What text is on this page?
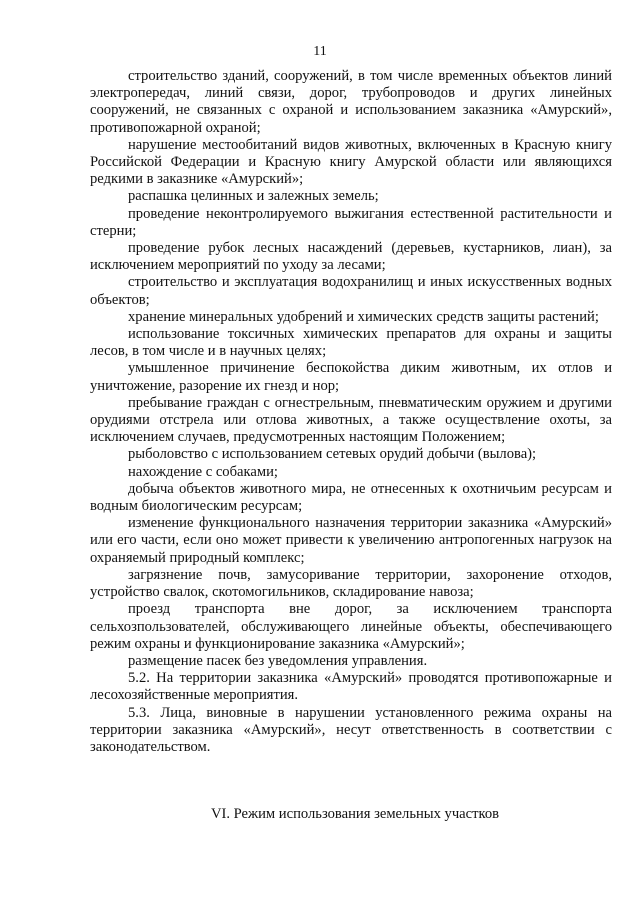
11

строительство зданий, сооружений, в том числе временных объектов линий электропередач, линий связи, дорог, трубопроводов и других линейных сооружений, не связанных с охраной и использованием заказника «Амурский», противопожарной охраной;

нарушение местообитаний видов животных, включенных в Красную книгу Российской Федерации и Красную книгу Амурской области или являющихся редкими в заказнике «Амурский»;

распашка целинных и залежных земель;

проведение неконтролируемого выжигания естественной растительности и стерни;

проведение рубок лесных насаждений (деревьев, кустарников, лиан), за исключением мероприятий по уходу за лесами;

строительство и эксплуатация водохранилищ и иных искусственных водных объектов;

хранение минеральных удобрений и химических средств защиты растений;

использование токсичных химических препаратов для охраны и защиты лесов, в том числе и в научных целях;

умышленное причинение беспокойства диким животным, их отлов и уничтожение, разорение их гнезд и нор;

пребывание граждан с огнестрельным, пневматическим оружием и другими орудиями отстрела или отлова животных, а также осуществление охоты, за исключением случаев, предусмотренных настоящим Положением;

рыболовство с использованием сетевых орудий добычи (вылова);

нахождение с собаками;

добыча объектов животного мира, не отнесенных к охотничьим ресурсам и водным биологическим ресурсам;

изменение функционального назначения территории заказника «Амурский» или его части, если оно может привести к увеличению антропогенных нагрузок на охраняемый природный комплекс;

загрязнение почв, замусоривание территории, захоронение отходов, устройство свалок, скотомогильников, складирование навоза;

проезд транспорта вне дорог, за исключением транспорта сельхозпользователей, обслуживающего линейные объекты, обеспечивающего режим охраны и функционирование заказника «Амурский»;

размещение пасек без уведомления управления.

5.2. На территории заказника «Амурский» проводятся противопожарные и лесохозяйственные мероприятия.

5.3. Лица, виновные в нарушении установленного режима охраны на территории заказника «Амурский», несут ответственность в соответствии с законодательством.

VI. Режим использования земельных участков
